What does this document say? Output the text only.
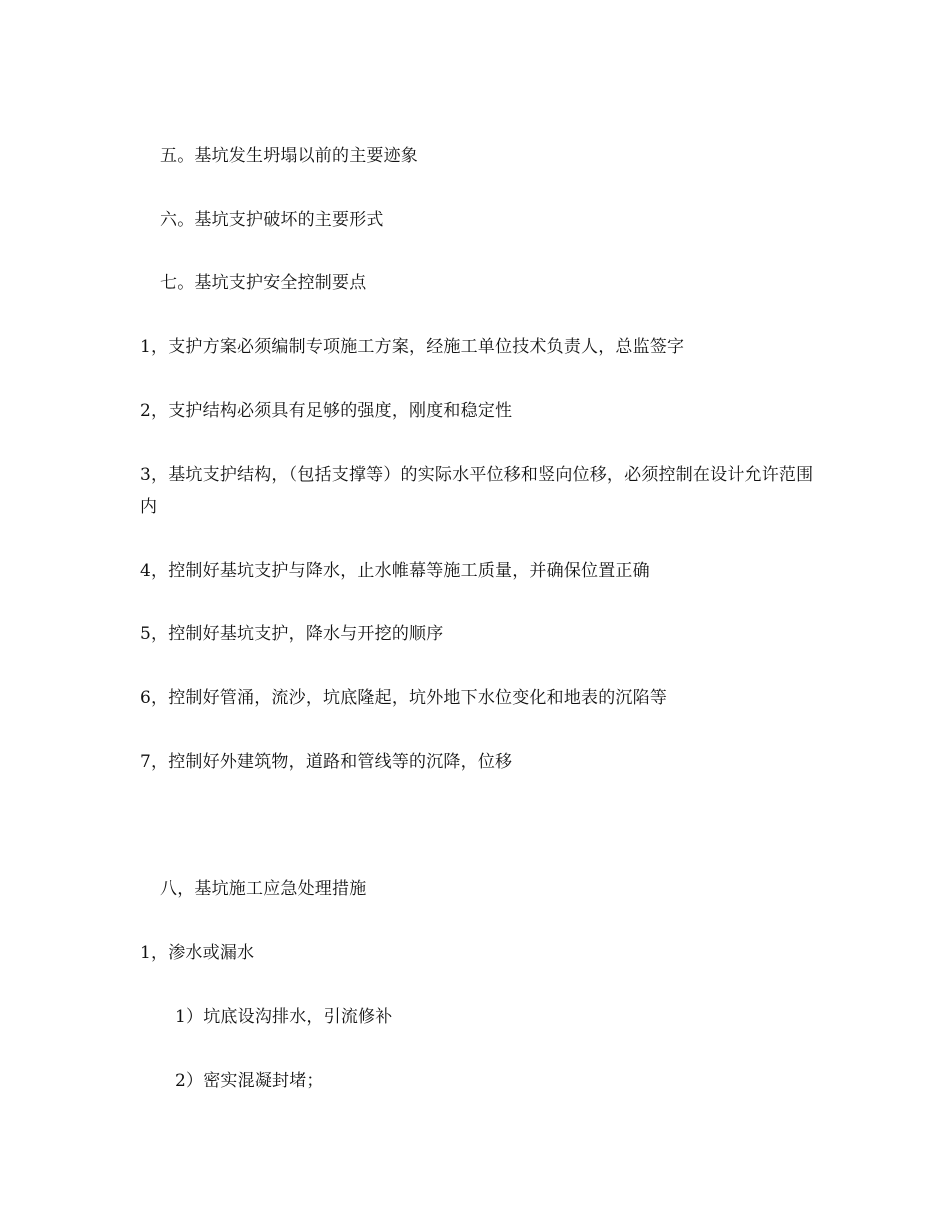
五。基坑发生坍塌以前的主要迹象
六。基坑支护破坏的主要形式
七。基坑支护安全控制要点
1，支护方案必须编制专项施工方案，经施工单位技术负责人，总监签字
2，支护结构必须具有足够的强度，刚度和稳定性
3，基坑支护结构，（包括支撑等）的实际水平位移和竖向位移，必须控制在设计允许范围内
4，控制好基坑支护与降水，止水帷幕等施工质量，并确保位置正确
5，控制好基坑支护，降水与开挖的顺序
6，控制好管涌，流沙，坑底隆起，坑外地下水位变化和地表的沉陷等
7，控制好外建筑物，道路和管线等的沉降，位移
八，基坑施工应急处理措施
1，渗水或漏水
1）坑底设沟排水，引流修补
2）密实混凝封堵；
